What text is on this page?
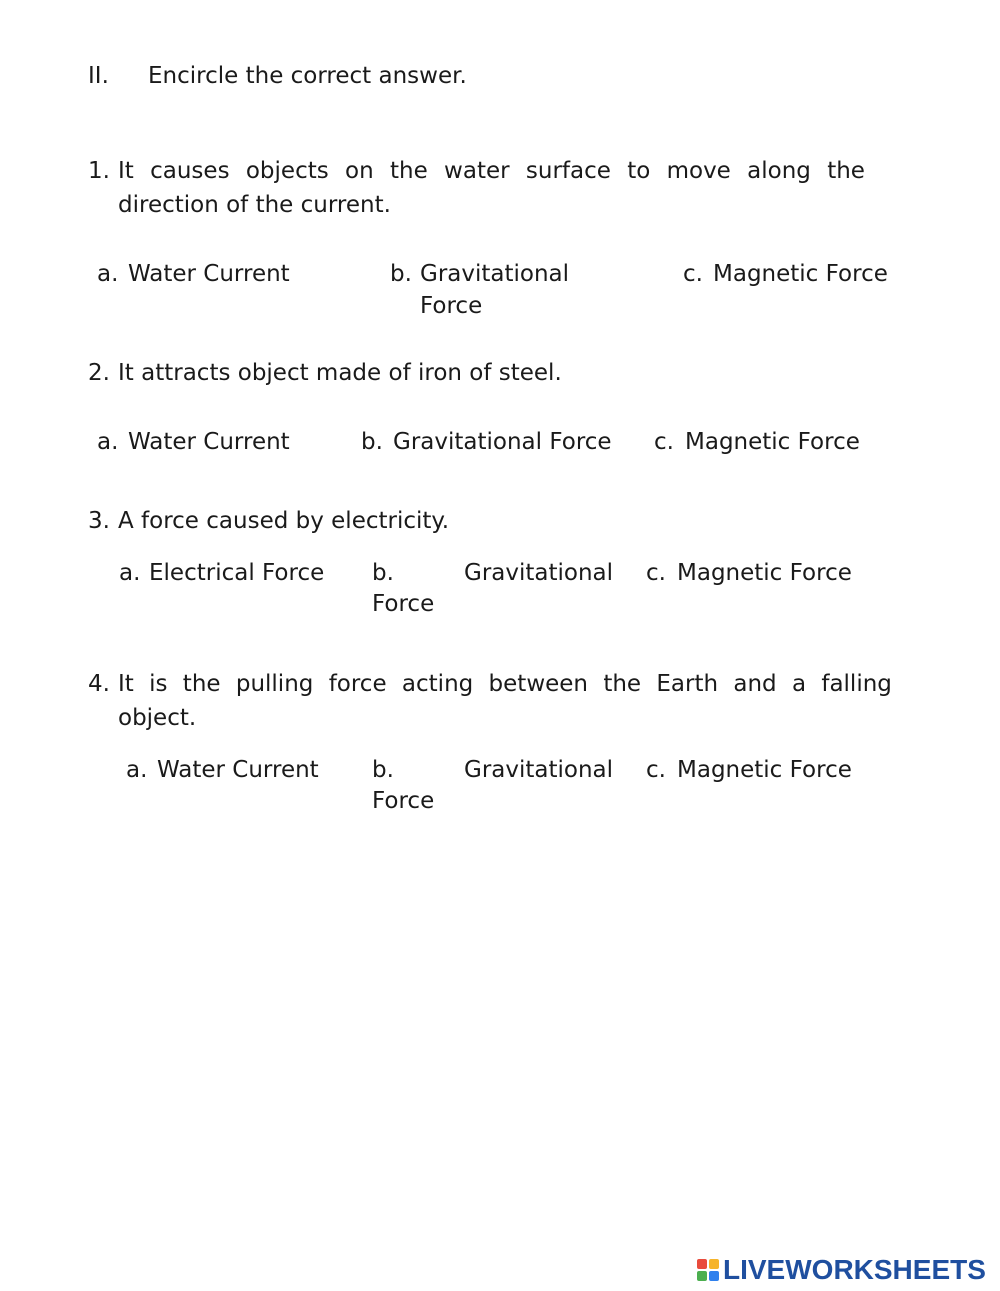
II. Encircle the correct answer.
1. It causes objects on the water surface to move along the
direction of the current.
a. Water Current	b. Gravitational
Force
c. Magnetic Force
2. It attracts object made of iron of steel.
a. Water Current	b. Gravitational Force c. Magnetic Force
3. A force caused by electricity.
a. Electrical Force b.	Gravitational
Force
c. Magnetic Force
4. It is the pulling force acting between the Earth and a falling
object.
a. Water Current b.	Gravitational
Force
c. Magnetic Force
LIVEWORKSHEETS
